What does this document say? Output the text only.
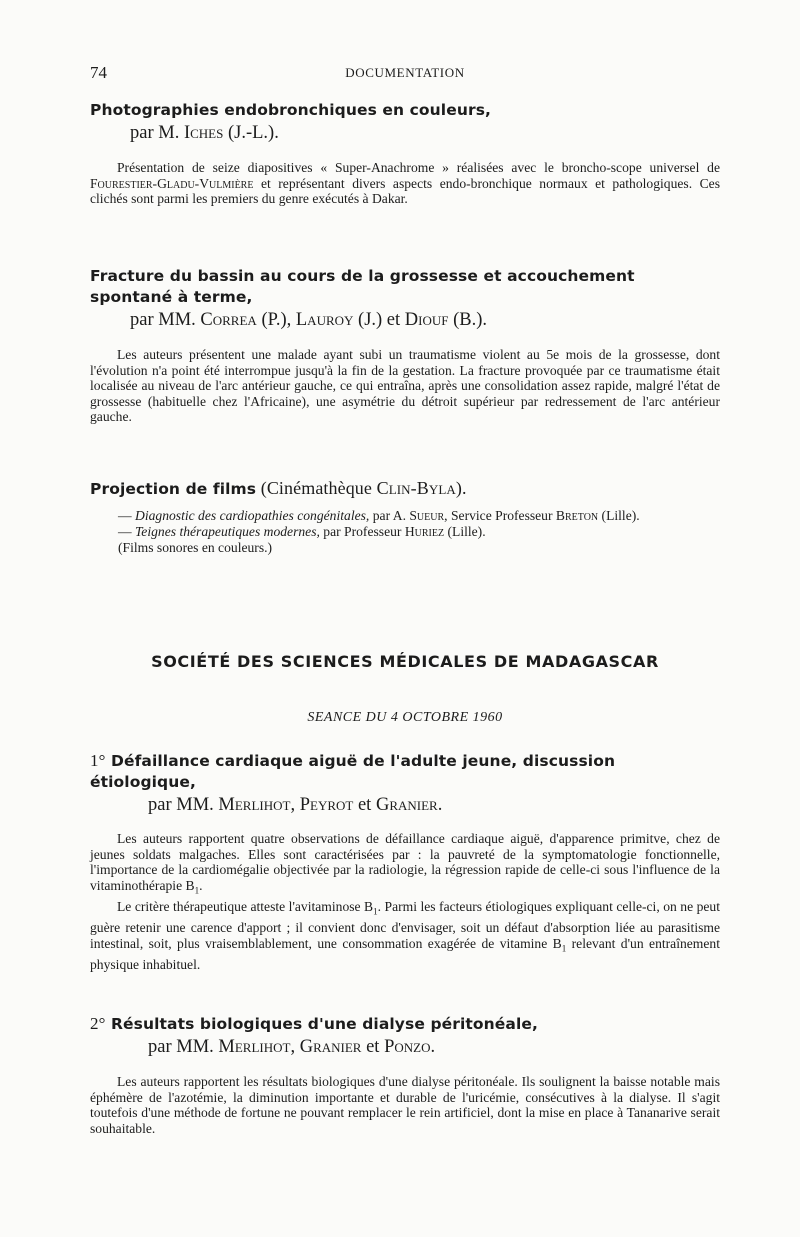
74	DOCUMENTATION
Photographies endobronchiques en couleurs,
par M. Iches (J.-L.).

Présentation de seize diapositives « Super-Anachrome » réalisées avec le broncho-scope universel de Fourestier-Gladu-Vulmière et représentant divers aspects endo-bronchique normaux et pathologiques. Ces clichés sont parmi les premiers du genre exécutés à Dakar.

Fracture du bassin au cours de la grossesse et accouchement spontané à terme,
par MM. Correa (P.), Lauroy (J.) et Diouf (B.).

Les auteurs présentent une malade ayant subi un traumatisme violent au 5e mois de la grossesse, dont l'évolution n'a point été interrompue jusqu'à la fin de la gestation. La fracture provoquée par ce traumatisme était localisée au niveau de l'arc antérieur gauche, ce qui entraîna, après une consolidation assez rapide, malgré l'état de grossesse (habituelle chez l'Africaine), une asymétrie du détroit supérieur par redressement de l'arc antérieur gauche.

Projection de films (Cinémathèque Clin-Byla).
— Diagnostic des cardiopathies congénitales, par A. Sueur, Service Professeur Breton (Lille).
— Teignes thérapeutiques modernes, par Professeur Huriez (Lille).
(Films sonores en couleurs.)
SOCIÉTÉ DES SCIENCES MÉDICALES DE MADAGASCAR
SEANCE DU 4 OCTOBRE 1960
1° Défaillance cardiaque aiguë de l'adulte jeune, discussion étiologique,
par MM. Merlihot, Peyrot et Granier.

Les auteurs rapportent quatre observations de défaillance cardiaque aiguë, d'apparence primitve, chez de jeunes soldats malgaches. Elles sont caractérisées par : la pauvreté de la symptomatologie fonctionnelle, l'importance de la cardiomégalie objectivée par la radiologie, la régression rapide de celle-ci sous l'influence de la vitaminothérapie $B_1$.

Le critère thérapeutique atteste l'avitaminose $B_1$. Parmi les facteurs étiologiques expliquant celle-ci, on ne peut guère retenir une carence d'apport ; il convient donc d'envisager, soit un défaut d'absorption liée au parasitisme intestinal, soit, plus vraisemblablement, une consommation exagérée de vitamine $B_1$ relevant d'un entraînement physique inhabituel.

2° Résultats biologiques d'une dialyse péritonéale,
par MM. Merlihot, Granier et Ponzo.

Les auteurs rapportent les résultats biologiques d'une dialyse péritonéale. Ils soulignent la baisse notable mais éphémère de l'azotémie, la diminution importante et durable de l'uricémie, consécutives à la dialyse. Il s'agit toutefois d'une méthode de fortune ne pouvant remplacer le rein artificiel, dont la mise en place à Tananarive serait souhaitable.
